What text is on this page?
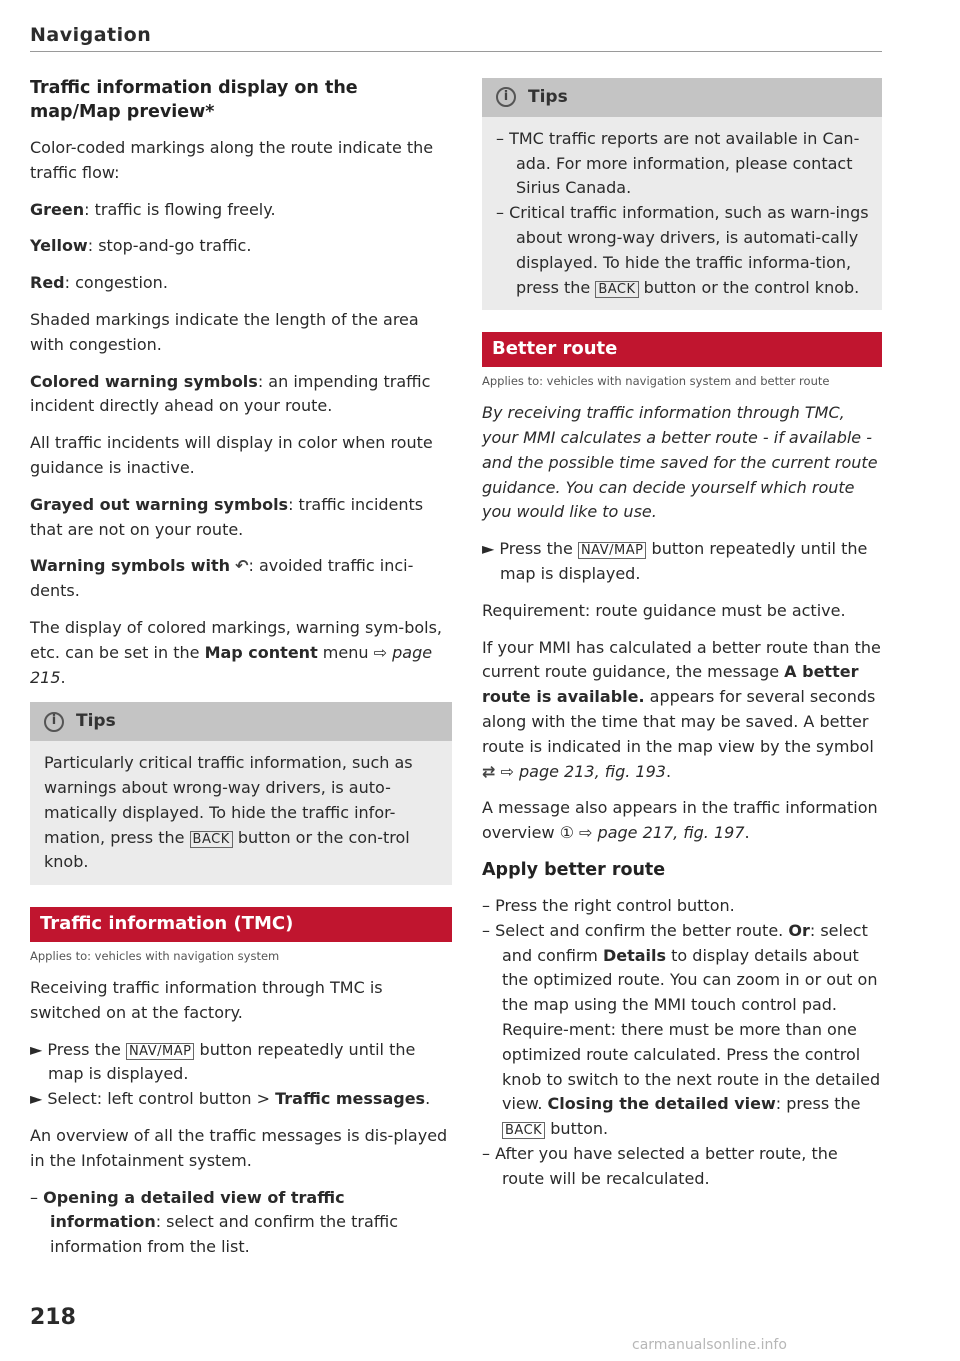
Navigation
Traffic information display on the map/Map preview*

Color-coded markings along the route indicate the traffic flow:

Green: traffic is flowing freely.

Yellow: stop-and-go traffic.

Red: congestion.

Shaded markings indicate the length of the area with congestion.

Colored warning symbols: an impending traffic incident directly ahead on your route.

All traffic incidents will display in color when route guidance is inactive.

Grayed out warning symbols: traffic incidents that are not on your route.

Warning symbols with ↶: avoided traffic inci-dents.

The display of colored markings, warning sym-bols, etc. can be set in the Map content menu ⇨ page 215.

i	Tips
Particularly critical traffic information, such as warnings about wrong-way drivers, is auto-matically displayed. To hide the traffic infor-mation, press the BACK button or the con-trol knob.
Traffic information (TMC)
Applies to: vehicles with navigation system

Receiving traffic information through TMC is switched on at the factory.

► Press the NAV/MAP button repeatedly until the map is displayed.

► Select: left control button > Traffic messages.

An overview of all the traffic messages is dis-played in the Infotainment system.

– Opening a detailed view of traffic information: select and confirm the traffic information from the list.

i	Tips

– TMC traffic reports are not available in Can-ada. For more information, please contact Sirius Canada.

– Critical traffic information, such as warn-ings about wrong-way drivers, is automati-cally displayed. To hide the traffic informa-tion, press the BACK button or the control knob.

Better route
Applies to: vehicles with navigation system and better route

By receiving traffic information through TMC, your MMI calculates a better route - if available - and the possible time saved for the current route guidance. You can decide yourself which route you would like to use.

► Press the NAV/MAP button repeatedly until the map is displayed.

Requirement: route guidance must be active.

If your MMI has calculated a better route than the current route guidance, the message A better route is available. appears for several seconds along with the time that may be saved. A better route is indicated in the map view by the symbol ⇄ ⇨ page 213, fig. 193.

A message also appears in the traffic information overview ① ⇨ page 217, fig. 197.

Apply better route

– Press the right control button.

– Select and confirm the better route. Or: select and confirm Details to display details about the optimized route. You can zoom in or out on the map using the MMI touch control pad. Require-ment: there must be more than one optimized route calculated. Press the control knob to switch to the next route in the detailed view. Closing the detailed view: press the BACK button.

– After you have selected a better route, the route will be recalculated.

218
carmanualsonline.info
